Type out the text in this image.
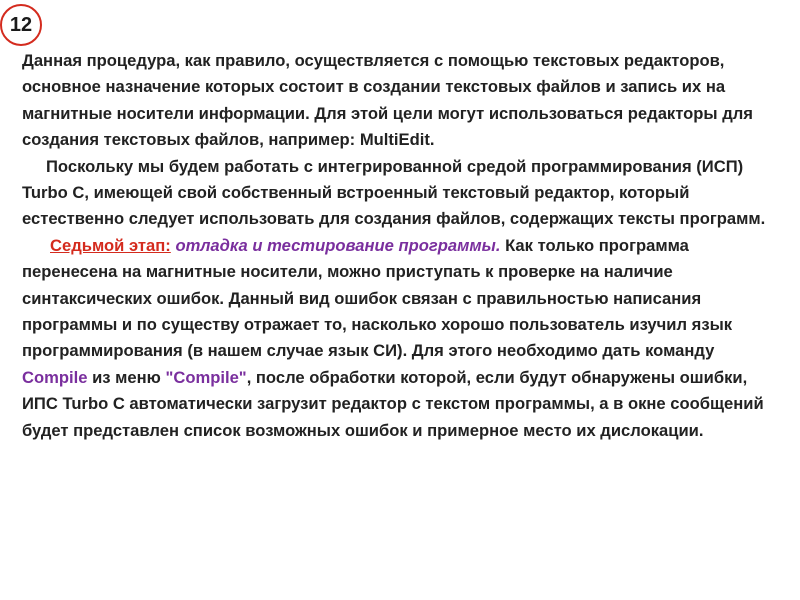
12

Данная процедура, как правило, осуществляется с помощью текстовых редакторов, основное назначение которых состоит в создании текстовых файлов и запись их на магнитные носители информации. Для этой цели могут использоваться редакторы для создания текстовых файлов, например: MultiEdit.

Поскольку мы будем работать с интегрированной средой программирования (ИСП) Turbo C, имеющей свой собственный встроенный текстовый редактор, который естественно следует использовать для создания файлов, содержащих тексты программ.

Седьмой этап: отладка и тестирование программы. Как только программа перенесена на магнитные носители, можно приступать к проверке на наличие синтаксических ошибок. Данный вид ошибок связан с правильностью написания программы и по существу отражает то, насколько хорошо пользователь изучил язык программирования (в нашем случае язык СИ). Для этого необходимо дать команду Compile из меню "Compile", после обработки которой, если будут обнаружены ошибки, ИПС Turbo C автоматически загрузит редактор с текстом программы, а в окне сообщений будет представлен список возможных ошибок и примерное место их дислокации.
